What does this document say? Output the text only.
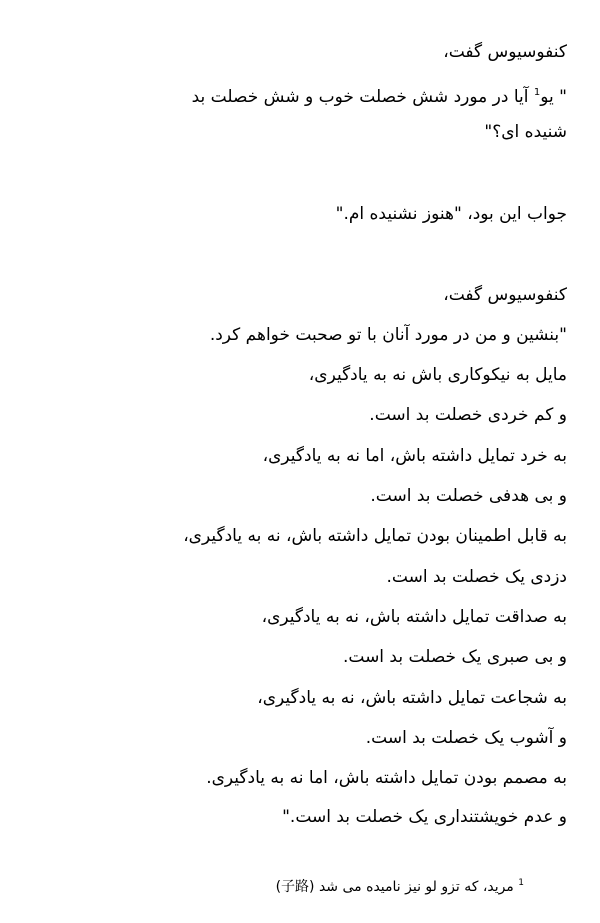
کنفوسیوس گفت،
" یو$^1$ آیا در مورد شش خصلت خوب و شش خصلت بد
شنیده ای؟"
جواب این بود، "هنوز نشنیده ام."
کنفوسیوس گفت،
"بنشین و من در مورد آنان با تو صحبت خواهم کرد.
مایل به نیکوکاری باش نه به یادگیری،
و کم خردی خصلت بد است.
به خرد تمایل داشته باش، اما نه به یادگیری،
و بی هدفی خصلت بد است.
به قابل اطمینان بودن تمایل داشته باش، نه به یادگیری،
دزدی یک خصلت بد است.
به صداقت تمایل داشته باش، نه به یادگیری،
و بی صبری یک خصلت بد است.
به شجاعت تمایل داشته باش، نه به یادگیری،
و آشوب یک خصلت بد است.
به مصمم بودن تمایل داشته باش، اما نه به یادگیری.
و عدم خویشتنداری یک خصلت بد است."
$^1$ مرید، که تزو لو نیز نامیده می شد (子路)
